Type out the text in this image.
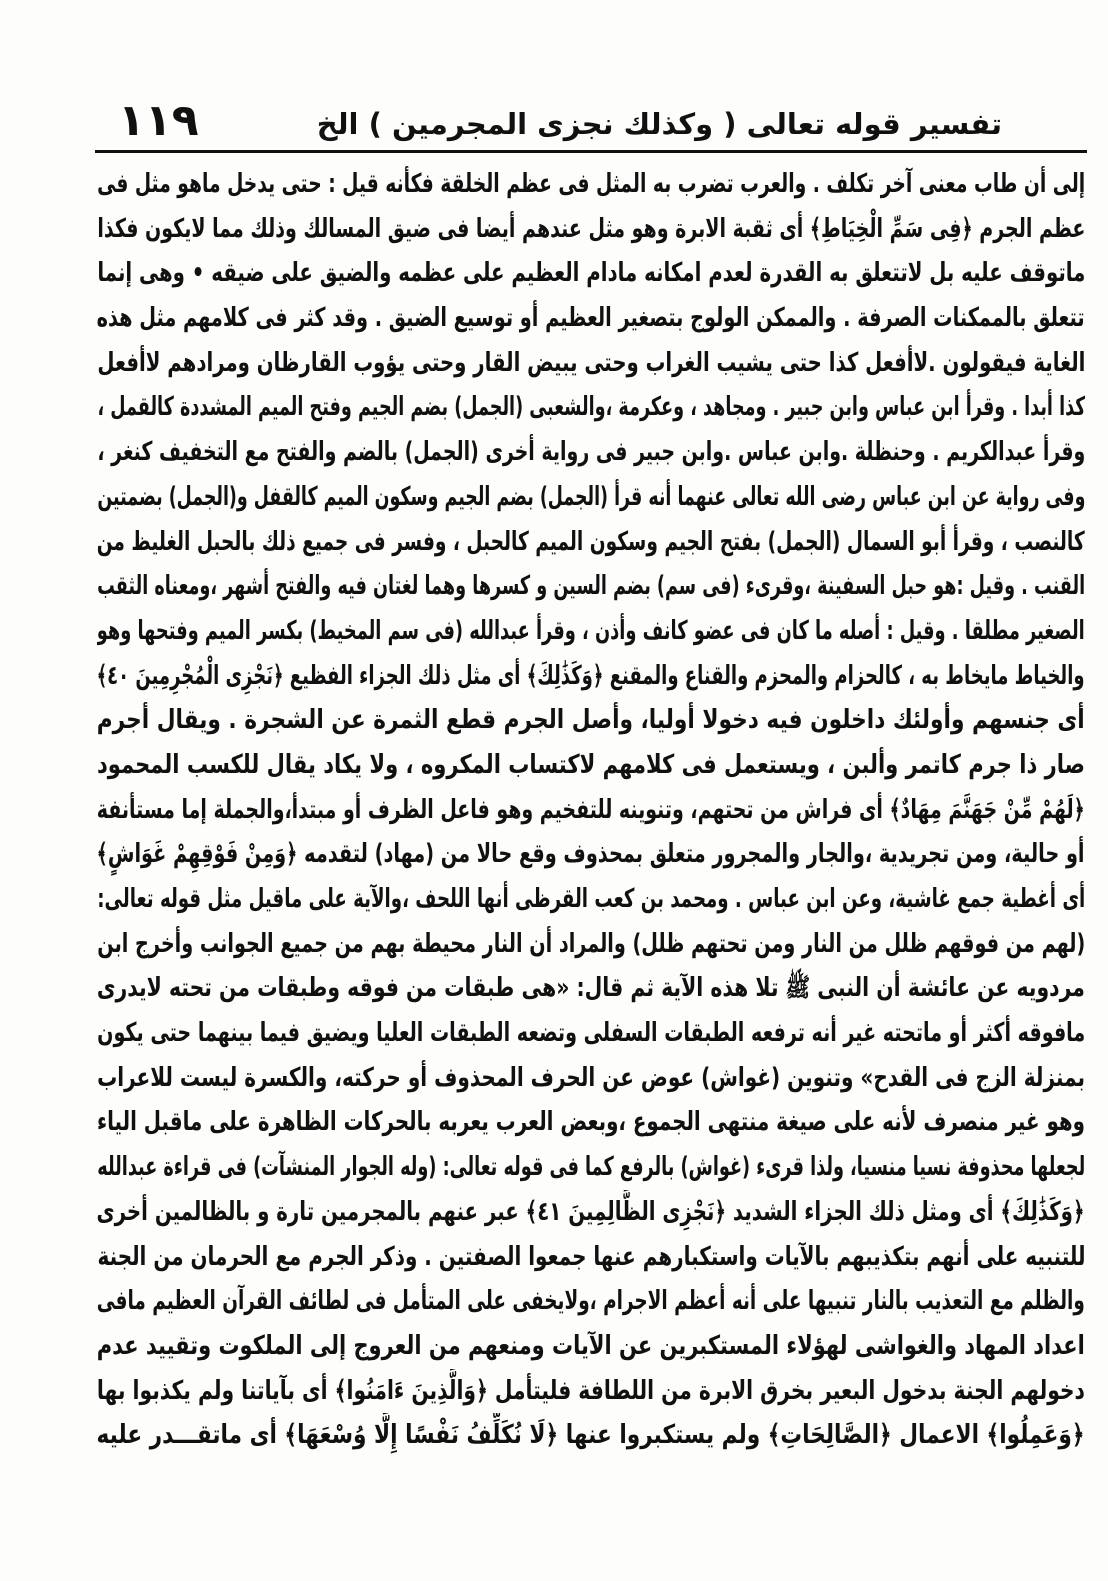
تفسير قوله تعالى ( وكذلك نجزى المجرمين ) الخ
١١٩
إلى أن طاب معنى آخر تكلف . والعرب تضرب به المثل فى عظم الخلقة فكأنه قيل : حتى يدخل ماهو مثل فى
عظم الجرم ﴿فِى سَمِّ الْخِيَاطِ﴾ أى ثقبة الابرة وهو مثل عندهم أيضا فى ضيق المسالك وذلك مما لايكون فكذا
ماتوقف عليه بل لاتتعلق به القدرة لعدم امكانه مادام العظيم على عظمه والضيق على ضيقه • وهى إنما
تتعلق بالممكنات الصرفة . والممكن الولوج بتصغير العظيم أو توسيع الضيق . وقد كثر فى كلامهم مثل هذه
الغاية فيقولون .لاأفعل كذا حتى يشيب الغراب وحتى يبيض القار وحتى يؤوب القارظان ومرادهم لاأفعل
كذا أبدا . وقرأ ابن عباس وابن جبير . ومجاهد ، وعكرمة ،والشعبى (الجمل) بضم الجيم وفتح الميم المشددة كالقمل ،
وقرأ عبدالكريم . وحنظلة .وابن عباس .وابن جبير فى رواية أخرى (الجمل) بالضم والفتح مع التخفيف كنغر ،
وفى رواية عن ابن عباس رضى الله تعالى عنهما أنه قرأ (الجمل) بضم الجيم وسكون الميم كالقفل و(الجمل) بضمتين
كالنصب ، وقرأ أبو السمال (الجمل) بفتح الجيم وسكون الميم كالحبل ، وفسر فى جميع ذلك بالحبل الغليظ من
القنب . وقيل :هو حبل السفينة ،وقرىء (فى سم) بضم السين و كسرها وهما لغتان فيه والفتح أشهر ،ومعناه الثقب
الصغير مطلقا . وقيل : أصله ما كان فى عضو كانف وأذن ، وقرأ عبدالله (فى سم المخيط) بكسر الميم وفتحها وهو
والخياط مايخاط به ، كالحزام والمحزم والقناع والمقنع ﴿وَكَذَٰلِكَ﴾ أى مثل ذلك الجزاء الفظيع ﴿نَجْزِى الْمُجْرِمِينَ ٤٠﴾
أى جنسهم وأولئك داخلون فيه دخولا أوليا، وأصل الجرم قطع الثمرة عن الشجرة . ويقال أجرم
صار ذا جرم كاتمر وألبن ، ويستعمل فى كلامهم لاكتساب المكروه ، ولا يكاد يقال للكسب المحمود
﴿لَهُمْ مِّنْ جَهَنَّمَ مِهَادٌ﴾ أى فراش من تحتهم، وتنوينه للتفخيم وهو فاعل الظرف أو مبتدأ،والجملة إما مستأنفة
أو حالية، ومن تجريدية ،والجار والمجرور متعلق بمحذوف وقع حالا من (مهاد) لتقدمه ﴿وَمِنْ فَوْقِهِمْ غَوَاشٍ﴾
أى أغطية جمع غاشية، وعن ابن عباس . ومحمد بن كعب القرظى أنها اللحف ،والآية على ماقيل مثل قوله تعالى:
(لهم من فوقهم ظلل من النار ومن تحتهم ظلل) والمراد أن النار محيطة بهم من جميع الجوانب وأخرج ابن
مردويه عن عائشة أن النبى ﷺ تلا هذه الآية ثم قال: «هى طبقات من فوقه وطبقات من تحته لايدرى
مافوقه أكثر أو ماتحته غير أنه ترفعه الطبقات السفلى وتضعه الطبقات العليا ويضيق فيما بينهما حتى يكون
بمنزلة الزج فى القدح» وتنوين (غواش) عوض عن الحرف المحذوف أو حركته، والكسرة ليست للاعراب
وهو غير منصرف لأنه على صيغة منتهى الجموع ،وبعض العرب يعربه بالحركات الظاهرة على ماقبل الياء
لجعلها محذوفة نسيا منسيا، ولذا قرىء (غواش) بالرفع كما فى قوله تعالى: (وله الجوار المنشآت) فى قراءة عبدالله
﴿وَكَذَٰلِكَ﴾ أى ومثل ذلك الجزاء الشديد ﴿نَجْزِى الظَّالِمِينَ ٤١﴾ عبر عنهم بالمجرمين تارة و بالظالمين أخرى
للتنبيه على أنهم بتكذيبهم بالآيات واستكبارهم عنها جمعوا الصفتين . وذكر الجرم مع الحرمان من الجنة
والظلم مع التعذيب بالنار تنبيها على أنه أعظم الاجرام ،ولايخفى على المتأمل فى لطائف القرآن العظيم مافى
اعداد المهاد والغواشى لهؤلاء المستكبرين عن الآيات ومنعهم من العروج إلى الملكوت وتقييد عدم
دخولهم الجنة بدخول البعير بخرق الابرة من اللطافة فليتأمل ﴿وَالَّذِينَ ءَامَنُوا﴾ أى بآياتنا ولم يكذبوا بها
﴿وَعَمِلُوا﴾ الاعمال ﴿الصَّالِحَاتِ﴾ ولم يستكبروا عنها ﴿لَا نُكَلِّفُ نَفْسًا إِلَّا وُسْعَهَا﴾ أى ماتقـــدر عليه
